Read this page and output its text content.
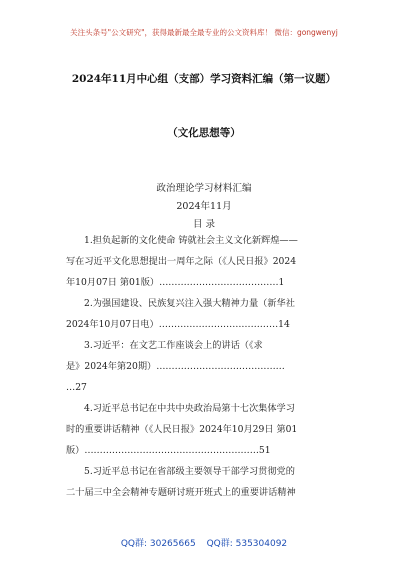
关注头条号"公文研究"，获得最新最全最专业的公文资料库！ 微信：gongwenyj
2024年11月中心组（支部）学习资料汇编（第一议题）
（文化思想等）
政治理论学习材料汇编
2024年11月
目 录
1.担负起新的文化使命 铸就社会主义文化新辉煌——
写在习近平文化思想提出一周年之际（《人民日报》2024
年10月07日 第01版）…………………………………1
2.为强国建设、民族复兴注入强大精神力量（新华社
2024年10月07日电）…………………………………14
3.习近平：在文艺工作座谈会上的讲话（《求
是》2024年第20期）……………………………………
…27
4.习近平总书记在中共中央政治局第十七次集体学习
时的重要讲话精神（《人民日报》2024年10月29日 第01
版）…………………………………………………51
5.习近平总书记在省部级主要领导干部学习贯彻党的
二十届三中全会精神专题研讨班开班式上的重要讲话精神
QQ群: 30265665 QQ群: 535304092
